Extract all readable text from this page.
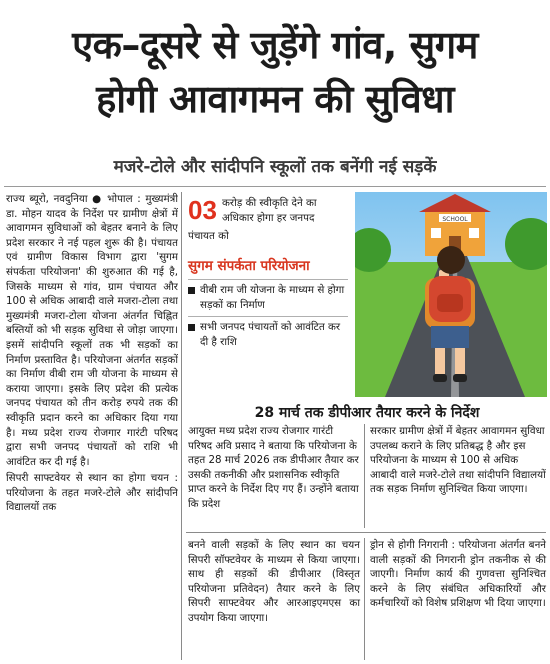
एक–दूसरे से जुड़ेंगे गांव, सुगम
होगी आवागमन की सुविधा
मजरे-टोले और सांदीपनि स्कूलों तक बनेंगी नई सड़कें

राज्य ब्यूरो, नवदुनिया ● भोपाल : मुख्यमंत्री डा. मोहन यादव के निर्देश पर ग्रामीण क्षेत्रों में आवागमन सुविधाओं को बेहतर बनाने के लिए प्रदेश सरकार ने नई पहल शुरू की है। पंचायत एवं ग्रामीण विकास विभाग द्वारा 'सुगम संपर्कता परियोजना' की शुरुआत की गई है, जिसके माध्यम से गांव, ग्राम पंचायत और 100 से अधिक आबादी वाले मजरा-टोला तथा मुख्यमंत्री मजरा-टोला योजना अंतर्गत चिह्नित बस्तियों को भी सड़क सुविधा से जोड़ा जाएगा। इसमें सांदीपनि स्कूलों तक भी सड़कों का निर्माण प्रस्तावित है। परियोजना अंतर्गत सड़कों का निर्माण वीबी राम जी योजना के माध्यम से कराया जाएगा। इसके लिए प्रदेश की प्रत्येक जनपद पंचायत को तीन करोड़ रुपये तक की स्वीकृति प्रदान करने का अधिकार दिया गया है। मध्य प्रदेश राज्य रोजगार गारंटी परिषद द्वारा सभी जनपद पंचायतों को राशि भी आवंटित कर दी गई है।

सिपरी साफ्टवेयर से स्थान का होगा चयन : परियोजना के तहत मजरे-टोले और सांदीपनि विद्यालयों तक

03 करोड़ की स्वीकृति देने का अधिकार होगा हर जनपद
पंचायत को
सुगम संपर्कता परियोजना
वीबी राम जी योजना के माध्यम से होगा सड़कों का निर्माण
सभी जनपद पंचायतों को आवंटित कर दी है राशि
SCHOOL
28 मार्च तक डीपीआर तैयार करने के निर्देश
आयुक्त मध्य प्रदेश राज्य रोजगार गारंटी परिषद अवि प्रसाद ने बताया कि परियोजना के तहत 28 मार्च 2026 तक डीपीआर तैयार कर उसकी तकनीकी और प्रशासनिक स्वीकृति प्राप्त करने के निर्देश दिए गए हैं। उन्होंने बताया कि प्रदेश
सरकार ग्रामीण क्षेत्रों में बेहतर आवागमन सुविधा उपलब्ध कराने के लिए प्रतिबद्ध है और इस परियोजना के माध्यम से 100 से अधिक आबादी वाले मजरे-टोले तथा सांदीपनि विद्यालयों तक सड़क निर्माण सुनिश्चित किया जाएगा।
बनने वाली सड़कों के लिए स्थान का चयन सिपरी सॉफ्टवेयर के माध्यम से किया जाएगा। साथ ही सड़कों की डीपीआर (विस्तृत परियोजना प्रतिवेदन) तैयार करने के लिए सिपरी साफ्टवेयर और आरआइएमएस का उपयोग किया जाएगा।
ड्रोन से होगी निगरानी : परियोजना अंतर्गत बनने वाली सड़कों की निगरानी ड्रोन तकनीक से की जाएगी। निर्माण कार्य की गुणवत्ता सुनिश्चित करने के लिए संबंधित अधिकारियों और कर्मचारियों को विशेष प्रशिक्षण भी दिया जाएगा।
